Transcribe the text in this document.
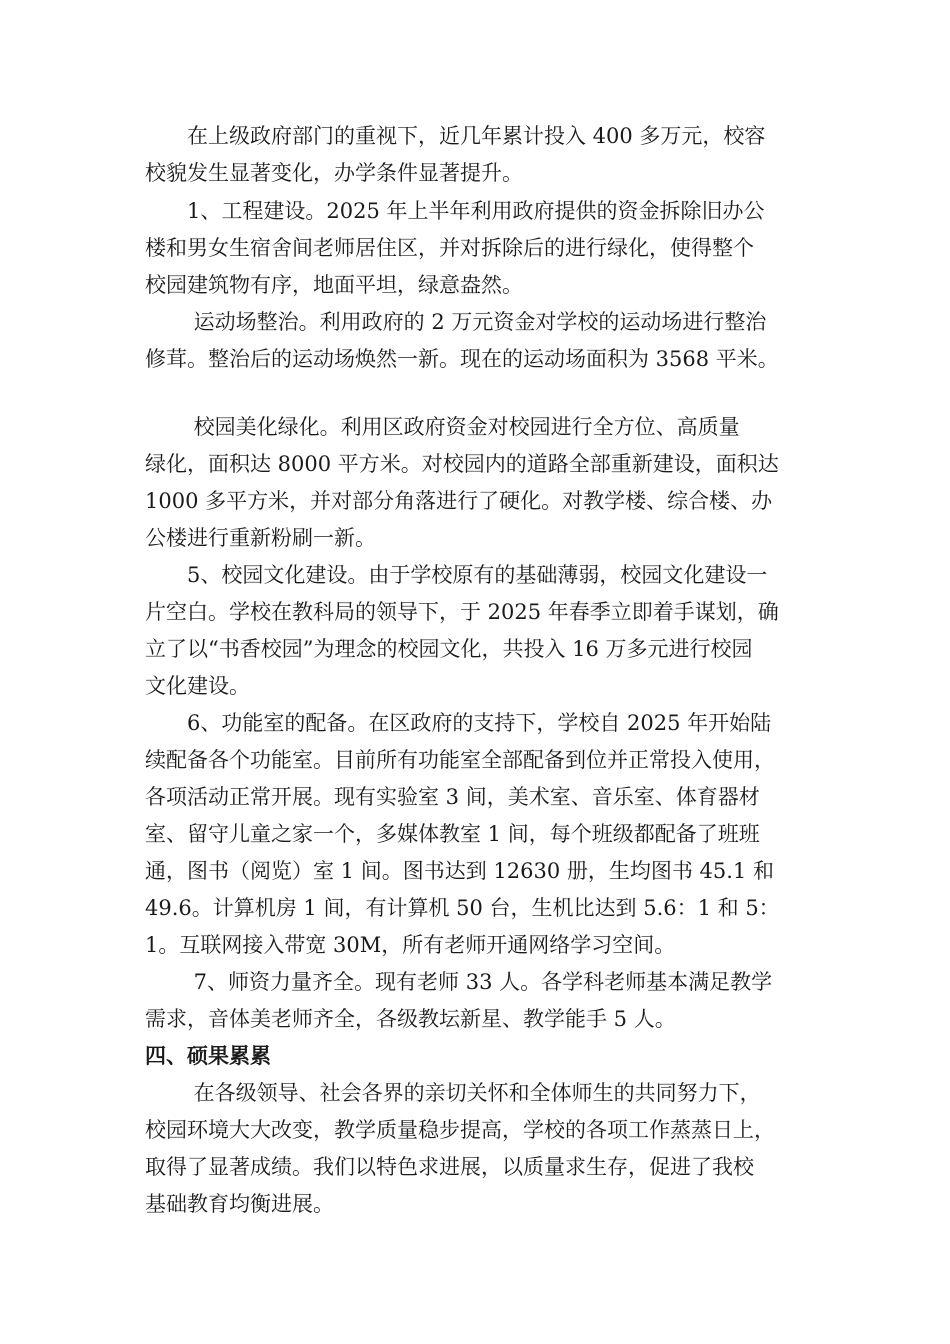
　　在上级政府部门的重视下，近几年累计投入 400 多万元，校容
校貌发生显著变化，办学条件显著提升。
　　1、工程建设。2025 年上半年利用政府提供的资金拆除旧办公
楼和男女生宿舍间老师居住区，并对拆除后的进行绿化，使得整个
校园建筑物有序，地面平坦，绿意盎然。
　　 运动场整治。利用政府的 2 万元资金对学校的运动场进行整治
修茸。整治后的运动场焕然一新。现在的运动场面积为 3568 平米。
　　 校园美化绿化。利用区政府资金对校园进行全方位、高质量
绿化，面积达 8000 平方米。对校园内的道路全部重新建设，面积达
1000 多平方米，并对部分角落进行了硬化。对教学楼、综合楼、办
公楼进行重新粉刷一新。
　　5、校园文化建设。由于学校原有的基础薄弱，校园文化建设一
片空白。学校在教科局的领导下，于 2025 年春季立即着手谋划，确
立了以“书香校园”为理念的校园文化，共投入 16 万多元进行校园
文化建设。
　　6、功能室的配备。在区政府的支持下，学校自 2025 年开始陆
续配备各个功能室。目前所有功能室全部配备到位并正常投入使用，
各项活动正常开展。现有实验室 3 间，美术室、音乐室、体育器材
室、留守儿童之家一个，多媒体教室 1 间，每个班级都配备了班班
通，图书（阅览）室 1 间。图书达到 12630 册，生均图书 45.1 和
49.6。计算机房 1 间，有计算机 50 台，生机比达到 5.6：1 和 5：
1。互联网接入带宽 30M，所有老师开通网络学习空间。
　　 7、师资力量齐全。现有老师 33 人。各学科老师基本满足教学
需求，音体美老师齐全，各级教坛新星、教学能手 5 人。
四、硕果累累
　　 在各级领导、社会各界的亲切关怀和全体师生的共同努力下，
校园环境大大改变，教学质量稳步提高，学校的各项工作蒸蒸日上，
取得了显著成绩。我们以特色求进展，以质量求生存，促进了我校
基础教育均衡进展。
